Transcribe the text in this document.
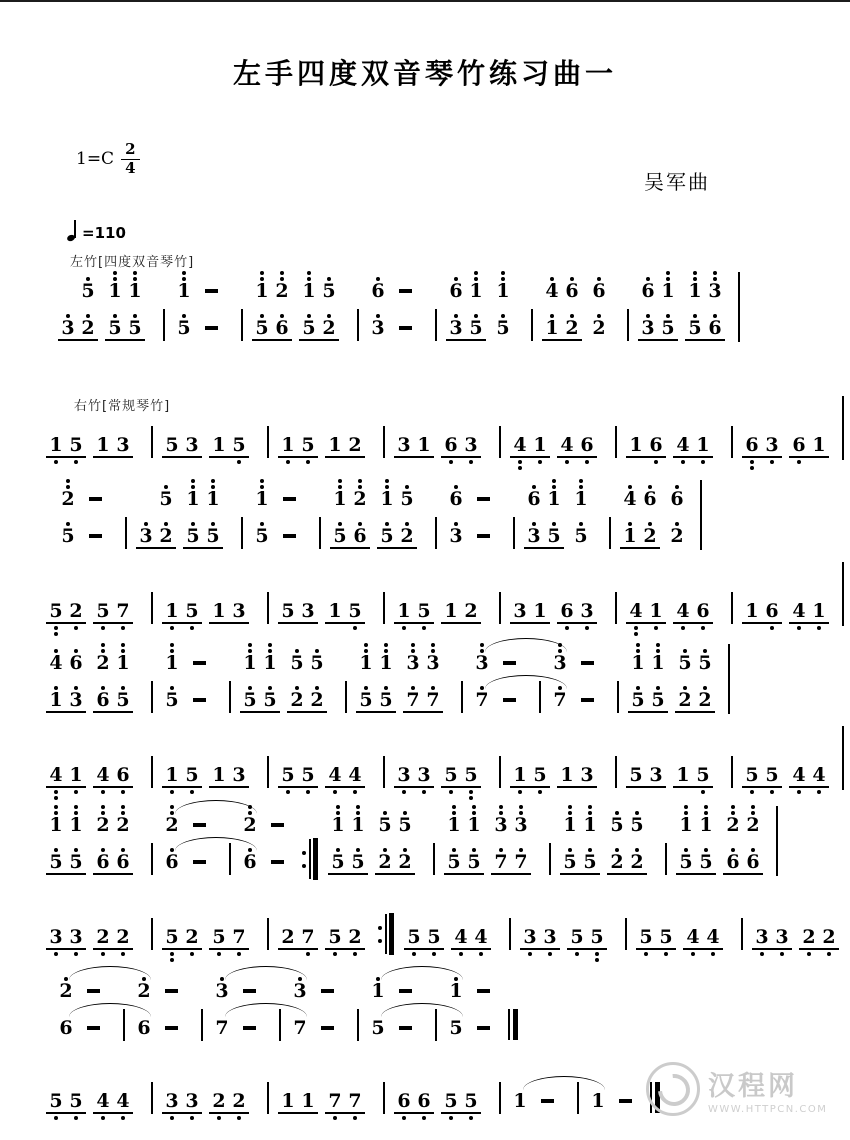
左手四度双音琴竹练习曲一
$1=C \frac{2}{4}$
吴军曲
=110
左竹[四度双音琴竹]
右竹[常规琴竹]
3
5
2
1
5
1
5
1
5
1
5
2
6
1
5
5
2
6
3
6
3
1
5
1
5
4
1
6
2
6
2
6
3
1
5
1
5
3
6
1 5 1 3 5 3 1 5 1 5 1 2 3 1 6 3 4 1 4 6 1 6 4 1 6 3 6 1
2
5	3
5
2
1
5
1
5
1
5
1
5
2
6
1
5
5
2
6
3
6
3
1
5
1
5
4
1
6
2
6
2
5 2 5 7 1 5 1 3 5 3 1 5 1 5 1 2 3 1 6 3 4 1 4 6 1 6 4 1
4
1
6
3
2
6
1
5
1
5
1
5
1
5
5
2
5
2
1
5
1
5
3
7
3
7
3
7
3
7
1
5
1
5
5
2
5
2
4 1 4 6 1 5 1 3 5 5 4 4 3 3 5 5 1 5 1 3 5 3 1 5 5 5 4 4
1
5
1
5
2
6
2
6
2
6
2
6
1
5
1
5
5
2
5
2
1
5
1
5
3
7
3
7
1
5
1
5
5
2
5
2
1
5
1
5
2
6
2
6
3 3 2 2 5 2 5 7 2 7 5 2 5 5 4 4 3 3 5 5 5 5 4 4 3 3 2 2
2
6
2
6
3
7
3
7
1
5
1
5
5 5 4 4 3 3 2 2 1 1 7 7 6 6 5 5 1	1	汉程网
WWW.HTTPCN.COM
